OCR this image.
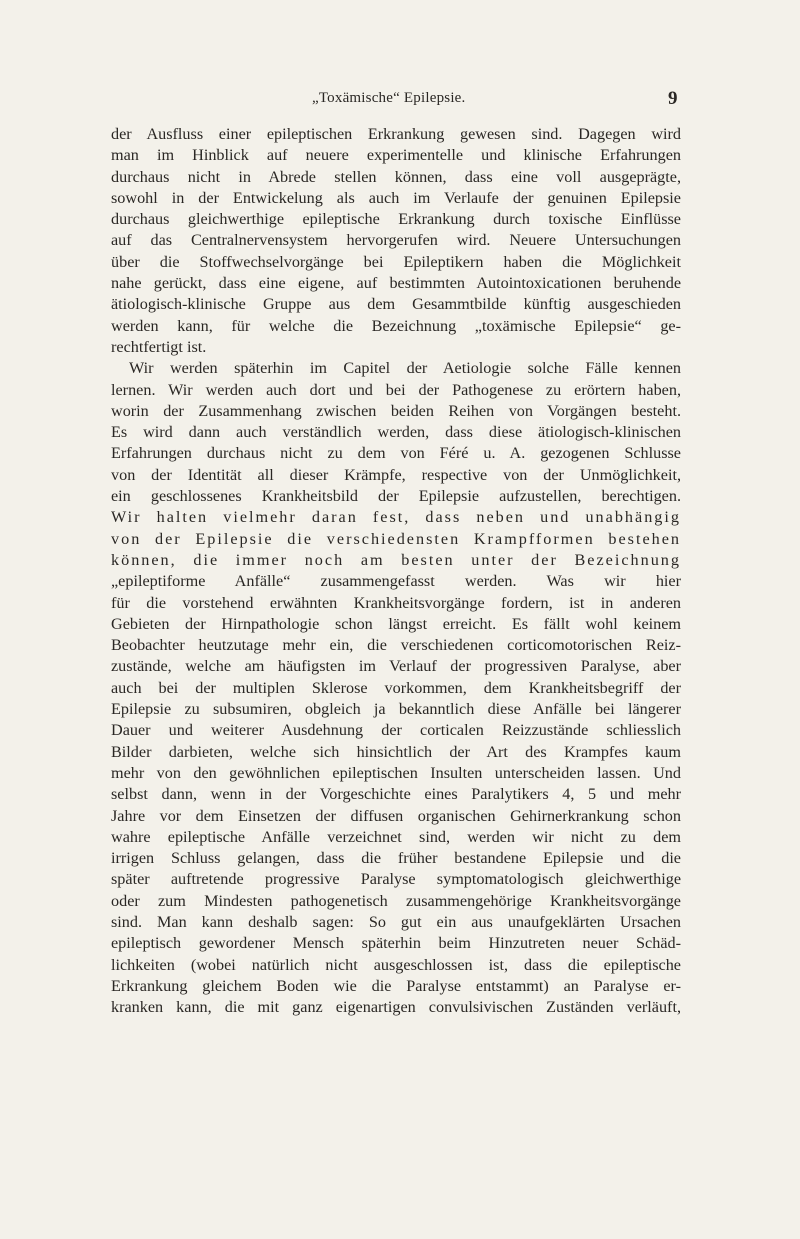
„Toxämische“ Epilepsie.	9
der Ausfluss einer epileptischen Erkrankung gewesen sind. Dagegen wird
man im Hinblick auf neuere experimentelle und klinische Erfahrungen
durchaus nicht in Abrede stellen können, dass eine voll ausgeprägte,
sowohl in der Entwickelung als auch im Verlaufe der genuinen Epilepsie
durchaus gleichwerthige epileptische Erkrankung durch toxische Einflüsse
auf das Centralnervensystem hervorgerufen wird. Neuere Untersuchungen
über die Stoffwechselvorgänge bei Epileptikern haben die Möglichkeit
nahe gerückt, dass eine eigene, auf bestimmten Autointoxicationen beruhende
ätiologisch-klinische Gruppe aus dem Gesammtbilde künftig ausgeschieden
werden kann, für welche die Bezeichnung „toxämische Epilepsie“ ge-
rechtfertigt ist.
Wir werden späterhin im Capitel der Aetiologie solche Fälle kennen
lernen. Wir werden auch dort und bei der Pathogenese zu erörtern haben,
worin der Zusammenhang zwischen beiden Reihen von Vorgängen besteht.
Es wird dann auch verständlich werden, dass diese ätiologisch-klinischen
Erfahrungen durchaus nicht zu dem von Féré u. A. gezogenen Schlusse
von der Identität all dieser Krämpfe, respective von der Unmöglichkeit,
ein geschlossenes Krankheitsbild der Epilepsie aufzustellen, berechtigen.
Wir halten vielmehr daran fest, dass neben und unabhängig
von der Epilepsie die verschiedensten Krampfformen bestehen
können, die immer noch am besten unter der Bezeichnung
„epileptiforme Anfälle“ zusammengefasst werden. Was wir hier
für die vorstehend erwähnten Krankheitsvorgänge fordern, ist in anderen
Gebieten der Hirnpathologie schon längst erreicht. Es fällt wohl keinem
Beobachter heutzutage mehr ein, die verschiedenen corticomotorischen Reiz-
zustände, welche am häufigsten im Verlauf der progressiven Paralyse, aber
auch bei der multiplen Sklerose vorkommen, dem Krankheitsbegriff der
Epilepsie zu subsumiren, obgleich ja bekanntlich diese Anfälle bei längerer
Dauer und weiterer Ausdehnung der corticalen Reizzustände schliesslich
Bilder darbieten, welche sich hinsichtlich der Art des Krampfes kaum
mehr von den gewöhnlichen epileptischen Insulten unterscheiden lassen. Und
selbst dann, wenn in der Vorgeschichte eines Paralytikers 4, 5 und mehr
Jahre vor dem Einsetzen der diffusen organischen Gehirnerkrankung schon
wahre epileptische Anfälle verzeichnet sind, werden wir nicht zu dem
irrigen Schluss gelangen, dass die früher bestandene Epilepsie und die
später auftretende progressive Paralyse symptomatologisch gleichwerthige
oder zum Mindesten pathogenetisch zusammengehörige Krankheitsvorgänge
sind. Man kann deshalb sagen: So gut ein aus unaufgeklärten Ursachen
epileptisch gewordener Mensch späterhin beim Hinzutreten neuer Schäd-
lichkeiten (wobei natürlich nicht ausgeschlossen ist, dass die epileptische
Erkrankung gleichem Boden wie die Paralyse entstammt) an Paralyse er-
kranken kann, die mit ganz eigenartigen convulsivischen Zuständen verläuft,
